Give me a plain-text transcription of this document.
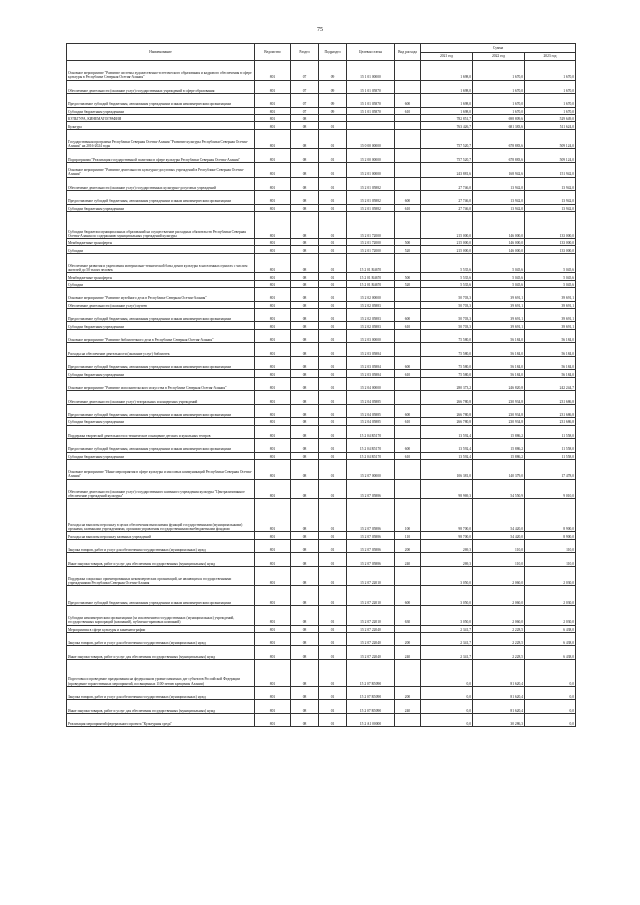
75
Наименование	Ведомство	Раздел	Подраздел	Целевая статья	Вид расхода	Сумма		
						2021 год	2022 год	2023 год
Основное мероприятие "Развитие системы художественно-эстетического образования и кадрового обеспечения в сфере культуры в Республике Северная Осетия-Алания"	801	07	09	15 1 01 00000		1 698,0	1 670,0	1 670,0
Обеспечение деятельности (оказание услуг) государственных учреждений в сфере образования	801	07	09	15 1 01 05870		1 698,0	1 670,0	1 670,0
Предоставление субсидий бюджетным, автономным учреждениям и иным некоммерческим организациям	801	07	09	15 1 01 05870	600	1 698,0	1 670,0	1 670,0
Субсидии бюджетным учреждениям	801	07	09	15 1 01 05870	610	1 698,0	1 670,0	1 670,0
КУЛЬТУРА, КИНЕМАТОГРАФИЯ	801	08				782 851,7	698 809,6	529 649,0
Культура	801	08	01			763 426,7	681 383,6	511 624,0
Государственная программа Республики Северная Осетия-Алания "Развитие культуры Республики Северная Осетия-Алания" на 2016-2024 годы	801	08	01	15 0 00 00000		757 520,7	678 883,6	509 124,0
Подпрограмма "Реализация государственной политики в сфере культуры Республики Северная Осетия-Алания"	801	08	01	15 2 00 00000		757 520,7	678 883,6	509 124,0
Основное мероприятие "Развитие деятельности культурно-досуговых учреждений в Республике Северная Осетия-Алания"	801	08	01	15 2 01 00000		243 881,6	168 942,6	151 942,0
Обеспечение деятельности (оказание услуг) государственных культурно-досуговых учреждений	801	08	01	15 2 01 05882		27 746,0	13 942,0	13 942,0
Предоставление субсидий бюджетным, автономным учреждениям и иным некоммерческим организациям	801	08	01	15 2 01 05882	600	27 746,0	13 942,0	13 942,0
Субсидии бюджетным учреждениям	801	08	01	15 2 01 05882	610	27 746,0	13 942,0	13 942,0
Субсидии бюджетам муниципальных образований на осуществление расходных обязательств Республики Северная Осетия-Алания по содержанию муниципальных учреждений культуры	801	08	01	15 2 01 72000		215 000,0	146 000,0	133 000,0
Межбюджетные трансферты	801	08	01	15 2 01 72000	500	215 000,0	146 000,0	133 000,0
Субсидии	801	08	01	15 2 01 72000	520	215 000,0	146 000,0	133 000,0
Обеспечение развития и укрепления материально-технической базы домов культуры в населенных пунктах с числом жителей до 50 тысяч человек	801	08	01	15 2 01 R4670		5 535,6	5 045,6	5 045,6
Межбюджетные трансферты	801	08	01	15 2 01 R4670	500	5 535,6	5 045,6	5 045,6
Субсидии	801	08	01	15 2 01 R4670	520	5 535,6	5 045,6	5 045,6
Основное мероприятие "Развитие музейного дела в Республике Северная Осетия-Алания"	801	08	01	15 2 02 00000		50 703,3	39 691,1	39 691,1
Обеспечение деятельности (оказание услуг) музеев	801	08	01	15 2 02 05883		50 703,3	39 691,1	39 691,1
Предоставление субсидий бюджетным, автономным учреждениям и иным некоммерческим организациям	801	08	01	15 2 02 05883	600	50 703,3	39 691,1	39 691,1
Субсидии бюджетным учреждениям	801	08	01	15 2 02 05883	610	50 703,3	39 691,1	39 691,1
Основное мероприятие "Развитие библиотечного дела в Республике Северная Осетия-Алания"	801	08	01	15 2 03 00000		75 580,0	56 184,0	56 184,0
Расходы на обеспечение деятельности (оказание услуг) библиотек	801	08	01	15 2 03 05884		75 580,0	56 184,0	56 184,0
Предоставление субсидий бюджетным, автономным учреждениям и иным некоммерческим организациям	801	08	01	15 2 03 05884	600	75 580,0	56 184,0	56 184,0
Субсидии бюджетным учреждениям	801	08	01	15 2 03 05884	610	75 580,0	56 184,0	56 184,0
Основное мероприятие "Развитие исполнительского искусства в Республике Северная Осетия-Алания"	801	08	01	15 2 04 00000		280 373,2	246 820,8	242 244,7
Обеспечение деятельности (оказание услуг) театральных и концертных учреждений	801	08	01	15 2 04 05885		266 780,8	230 934,8	231 686,8
Предоставление субсидий бюджетным, автономным учреждениям и иным некоммерческим организациям	801	08	01	15 2 04 05885	600	266 780,8	230 934,8	231 686,8
Субсидии бюджетным учреждениям	801	08	01	15 2 04 05885	610	266 780,8	230 934,8	231 686,8
Поддержка творческой деятельности и техническое оснащение детских и кукольных театров	801	08	01	15 2 04 R5170		13 592,4	15 886,2	11 558,0
Предоставление субсидий бюджетным, автономным учреждениям и иным некоммерческим организациям	801	08	01	15 2 04 R5170	600	13 592,4	15 886,2	11 558,0
Субсидии бюджетным учреждениям	801	08	01	15 2 04 R5170	610	13 592,4	15 886,2	11 558,0
Основное мероприятие "Иные мероприятия в сфере культуры и массовых коммуникаций Республики Северная Осетия-Алания"	801	08	01	15 2 07 00000		106 381,0	140 379,0	17 478,0
Обеспечение деятельности (оказание услуг) государственного казенного учреждения культуры "Централизованное обеспечение учреждений культуры"	801	08	01	15 2 07 05886		98 969,3	54 550,9	9 010,0
Расходы на выплаты персоналу в целях обеспечения выполнения функций государственными (муниципальными) органами, казенными учреждениями, органами управления государственными внебюджетными фондами	801	08	01	15 2 07 05886	100	98 700,0	54 420,0	8 900,0
Расходы на выплаты персоналу казенных учреждений	801	08	01	15 2 07 05886	110	98 700,0	54 420,0	8 900,0
Закупка товаров, работ и услуг для обеспечения государственных (муниципальных) нужд	801	08	01	15 2 07 05886	200	269,3	110,0	110,0
Иные закупки товаров, работ и услуг для обеспечения государственных (муниципальных) нужд	801	08	01	15 2 07 05886	240	269,3	110,0	110,0
Поддержка социально ориентированных некоммерческих организаций, не являющихся государственными учреждениями Республики Северная Осетия-Алания	801	08	01	15 2 07 22010		3 050,0	2 060,0	2 030,0
Предоставление субсидий бюджетным, автономным учреждениям и иным некоммерческим организациям	801	08	01	15 2 07 22010	600	3 050,0	2 060,0	2 030,0
Субсидии некоммерческим организациям (за исключением государственных (муниципальных) учреждений, государственных корпораций (компаний), публично-правовых компаний)	801	08	01	15 2 07 22010	630	3 050,0	2 060,0	2 030,0
Мероприятия в сфере культуры и кинематографии	801	08	01	15 2 07 22040		2 341,7	2 228,5	6 438,0
Закупка товаров, работ и услуг для обеспечения государственных (муниципальных) нужд	801	08	01	15 2 07 22040	200	2 341,7	2 228,5	6 438,0
Иные закупки товаров, работ и услуг для обеспечения государственных (муниципальных) нужд	801	08	01	15 2 07 22040	240	2 341,7	2 228,5	6 438,0
Подготовка и проведение празднования на федеральном уровне памятных дат субъектов Российской Федерации (проведение торжественных мероприятий, посвященных 1100-летию крещения Алании)	801	08	01	15 2 07 R5090		0,0	81 620,4	0,0
Закупка товаров, работ и услуг для обеспечения государственных (муниципальных) нужд	801	08	01	15 2 07 R5090	200	0,0	81 620,4	0,0
Иные закупки товаров, работ и услуг для обеспечения государственных (муниципальных) нужд	801	08	01	15 2 07 R5090	240	0,0	81 620,4	0,0
Реализация мероприятий федерального проекта "Культурная среда"	801	08	01	15 2 A1 00000		0,0	30 286,3	0,0
